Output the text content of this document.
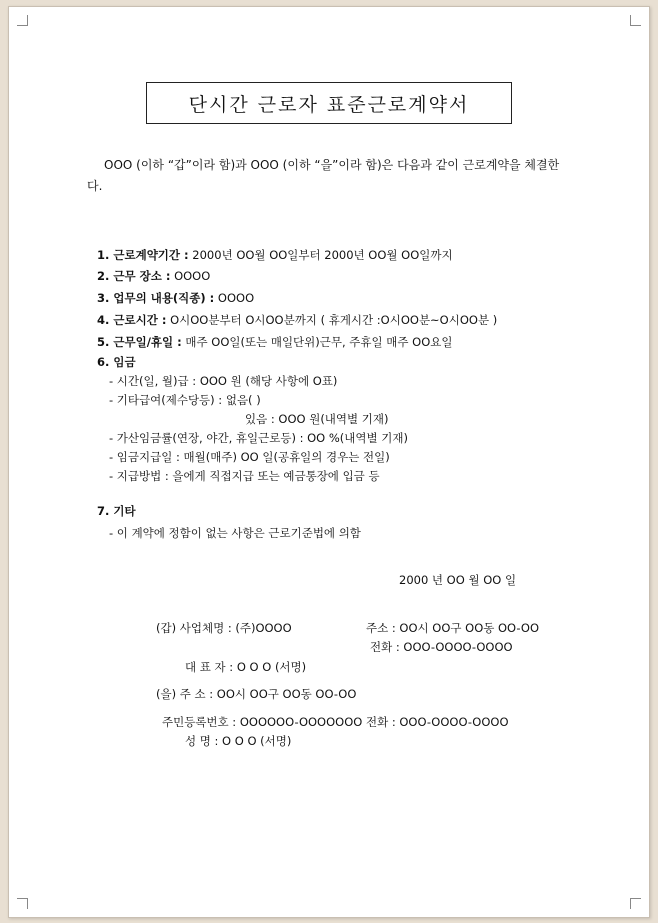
단시간 근로자 표준근로계약서
OOO (이하 “갑”이라 함)과 OOO (이하 “을”이라 함)은 다음과 같이 근로계약을 체결한
다.
1. 근로계약기간 : 2000년 OO월 OO일부터 2000년 OO월 OO일까지
2. 근무 장소 : OOOO
3. 업무의 내용(직종) : OOOO
4. 근로시간 : O시OO분부터 O시OO분까지 ( 휴게시간 :O시OO분~O시OO분 )
5. 근무일/휴일 : 매주 OO일(또는 매일단위)근무, 주휴일 매주 OO요일
6. 임금
- 시간(일, 월)급 : OOO 원 (해당 사항에 O표)
- 기타급여(제수당등) : 없음( )
있음 : OOO 원(내역별 기재)
- 가산임금률(연장, 야간, 휴일근로등) : OO %(내역별 기재)
- 임금지급일 : 매월(매주) OO 일(공휴일의 경우는 전일)
- 지급방법 : 을에게 직접지급 또는 예금통장에 입금 등
7. 기타
- 이 계약에 정함이 없는 사항은 근로기준법에 의함
2000 년 OO 월 OO 일
(갑) 사업체명 : (주)OOOO	주소 : OO시 OO구 OO동 OO-OO
전화 : OOO-OOOO-OOOO
대 표 자 : O O O (서명)
(을) 주 소 : OO시 OO구 OO동 OO-OO
주민등록번호 : OOOOOO-OOOOOOO 전화 : OOO-OOOO-OOOO
성 명 : O O O (서명)
